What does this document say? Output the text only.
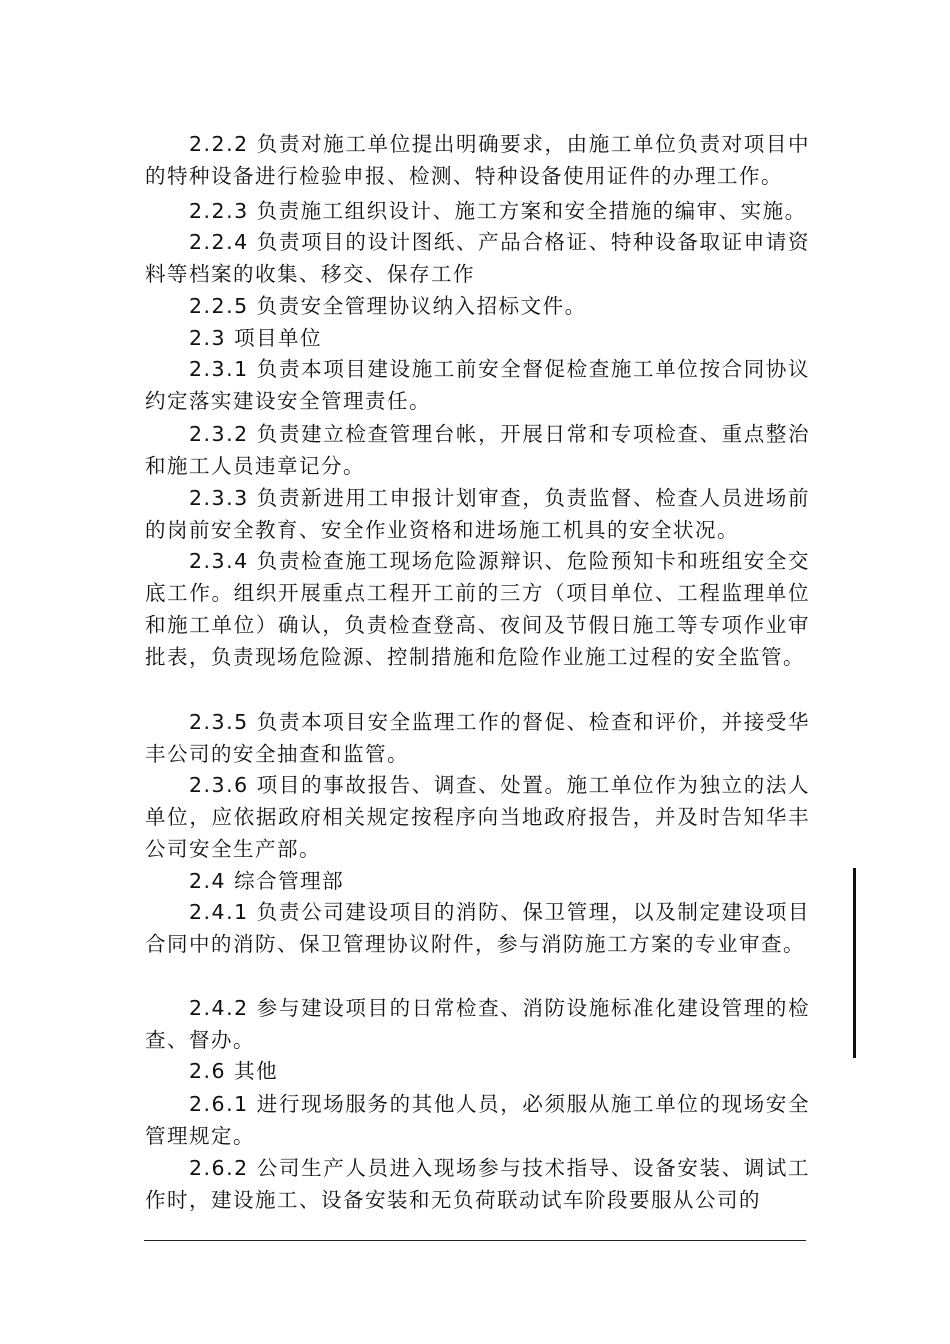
2.2.2 负责对施工单位提出明确要求，由施工单位负责对项目中的特种设备进行检验申报、检测、特种设备使用证件的办理工作。

2.2.3 负责施工组织设计、施工方案和安全措施的编审、实施。

2.2.4 负责项目的设计图纸、产品合格证、特种设备取证申请资料等档案的收集、移交、保存工作

2.2.5 负责安全管理协议纳入招标文件。

2.3 项目单位

2.3.1 负责本项目建设施工前安全督促检查施工单位按合同协议约定落实建设安全管理责任。

2.3.2 负责建立检查管理台帐，开展日常和专项检查、重点整治和施工人员违章记分。

2.3.3 负责新进用工申报计划审查，负责监督、检查人员进场前的岗前安全教育、安全作业资格和进场施工机具的安全状况。

2.3.4 负责检查施工现场危险源辩识、危险预知卡和班组安全交底工作。组织开展重点工程开工前的三方（项目单位、工程监理单位和施工单位）确认，负责检查登高、夜间及节假日施工等专项作业审批表，负责现场危险源、控制措施和危险作业施工过程的安全监管。

2.3.5 负责本项目安全监理工作的督促、检查和评价，并接受华丰公司的安全抽查和监管。

2.3.6 项目的事故报告、调查、处置。施工单位作为独立的法人单位，应依据政府相关规定按程序向当地政府报告，并及时告知华丰公司安全生产部。

2.4 综合管理部

2.4.1 负责公司建设项目的消防、保卫管理，以及制定建设项目合同中的消防、保卫管理协议附件，参与消防施工方案的专业审查。

2.4.2 参与建设项目的日常检查、消防设施标准化建设管理的检查、督办。

2.6 其他

2.6.1 进行现场服务的其他人员，必须服从施工单位的现场安全管理规定。

2.6.2 公司生产人员进入现场参与技术指导、设备安装、调试工作时，建设施工、设备安装和无负荷联动试车阶段要服从公司的
